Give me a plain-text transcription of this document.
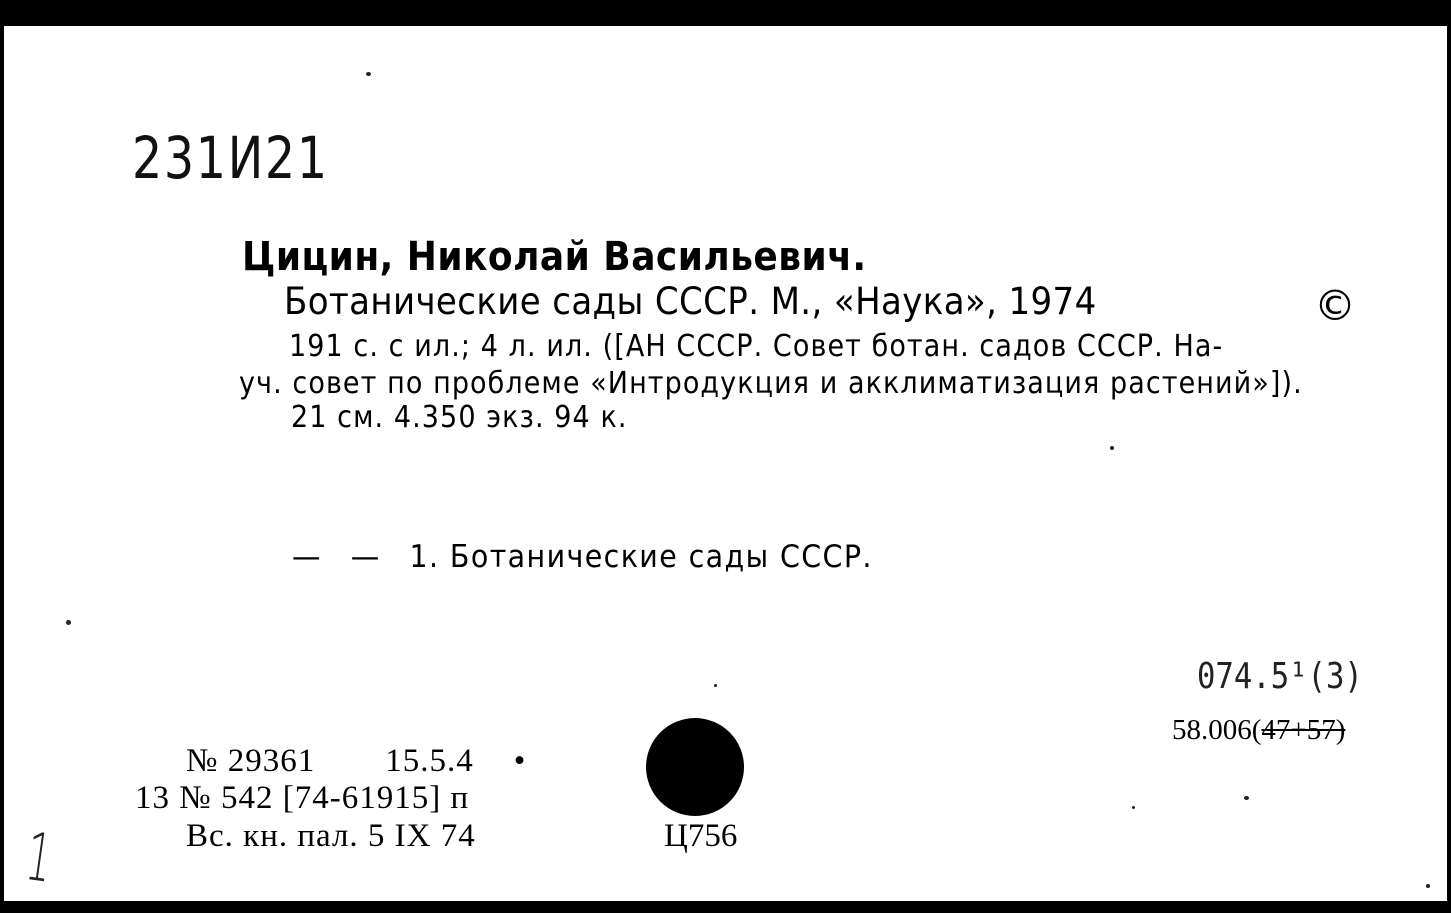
231И21
Цицин, Николай Васильевич.
Ботанические сады СССР. М., «Наука», 1974	©
191 с. с ил.; 4 л. ил. ([АН СССР. Совет ботан. садов СССР. На-
уч. совет по проблеме «Интродукция и акклиматизация растений»]).
21 см. 4.350 экз. 94 к.
— — 1. Ботанические сады СССР.
074.5¹(3)
58.006(47+57)
№ 29361 15.5.4 •
13 № 542 [74-61915] п
Вс. кн. пал. 5 IX 74	Ц756
1
